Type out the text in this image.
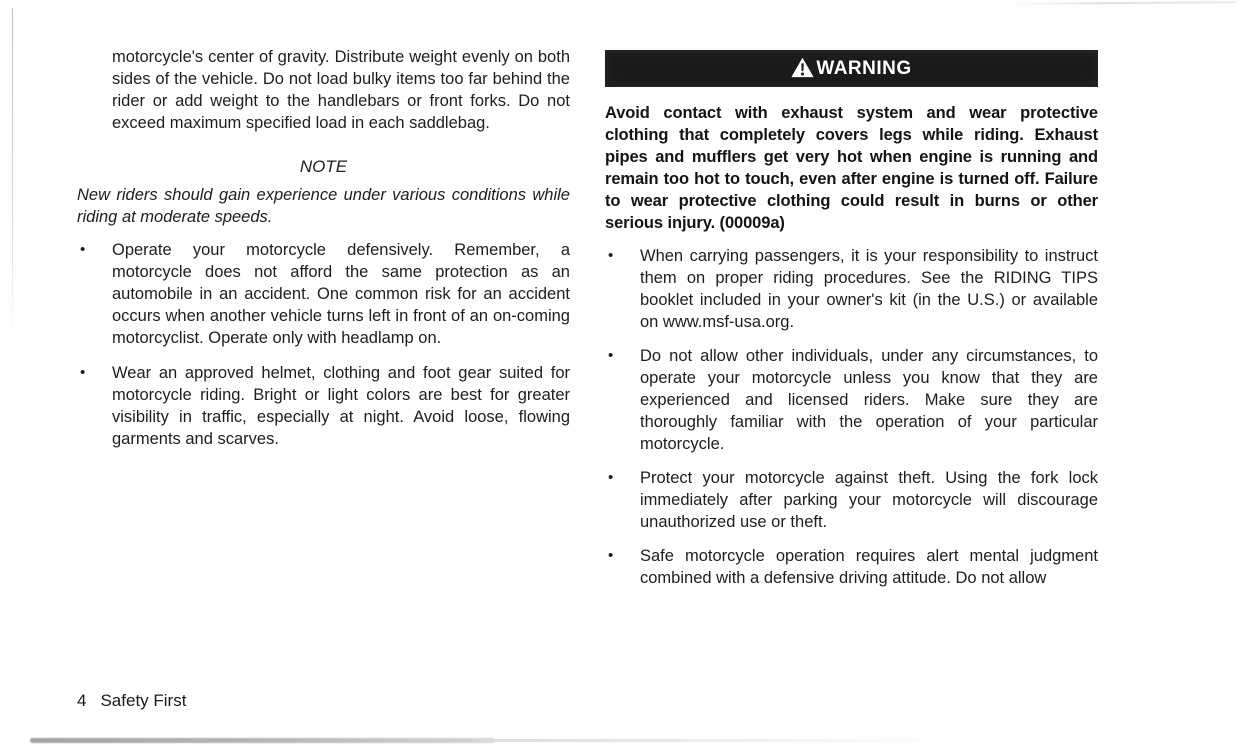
motorcycle's center of gravity. Distribute weight evenly on both sides of the vehicle. Do not load bulky items too far behind the rider or add weight to the handlebars or front forks. Do not exceed maximum specified load in each saddlebag.

NOTE

New riders should gain experience under various conditions while riding at moderate speeds.

• Operate your motorcycle defensively. Remember, a motorcycle does not afford the same protection as an automobile in an accident. One common risk for an accident occurs when another vehicle turns left in front of an on-coming motorcyclist. Operate only with headlamp on.
• Wear an approved helmet, clothing and foot gear suited for motorcycle riding. Bright or light colors are best for greater visibility in traffic, especially at night. Avoid loose, flowing garments and scarves.
WARNING

Avoid contact with exhaust system and wear protective clothing that completely covers legs while riding. Exhaust pipes and mufflers get very hot when engine is running and remain too hot to touch, even after engine is turned off. Failure to wear protective clothing could result in burns or other serious injury. (00009a)

• When carrying passengers, it is your responsibility to instruct them on proper riding procedures. See the RIDING TIPS booklet included in your owner's kit (in the U.S.) or available on www.msf-usa.org.
• Do not allow other individuals, under any circumstances, to operate your motorcycle unless you know that they are experienced and licensed riders. Make sure they are thoroughly familiar with the operation of your particular motorcycle.
• Protect your motorcycle against theft. Using the fork lock immediately after parking your motorcycle will discourage unauthorized use or theft.
• Safe motorcycle operation requires alert mental judgment combined with a defensive driving attitude. Do not allow
4 Safety First
